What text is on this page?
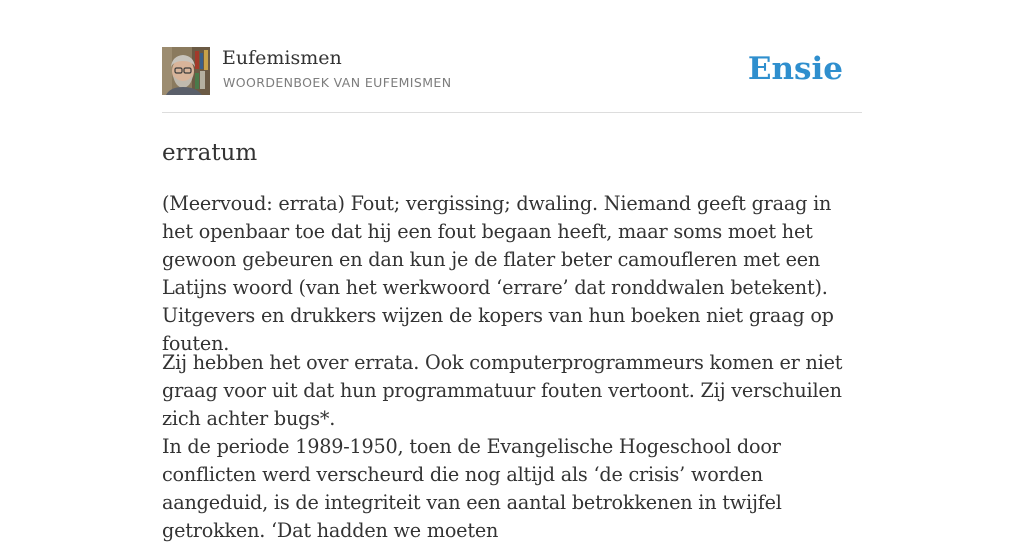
Eufemismen
WOORDENBOEK VAN EUFEMISMEN	Ensie
erratum

(Meervoud: errata) Fout; vergissing; dwaling. Niemand geeft graag in het openbaar toe dat hij een fout begaan heeft, maar soms moet het gewoon gebeuren en dan kun je de flater beter camoufleren met een Latijns woord (van het werkwoord ‘errare’ dat ronddwalen betekent). Uitgevers en drukkers wijzen de kopers van hun boeken niet graag op fouten.

Zij hebben het over errata. Ook computerprogrammeurs komen er niet graag voor uit dat hun programmatuur fouten vertoont. Zij verschuilen zich achter bugs*.

In de periode 1989-1950, toen de Evangelische Hogeschool door conflicten werd verscheurd die nog altijd als ‘de crisis’ worden aangeduid, is de integriteit van een aantal betrokkenen in twijfel getrokken. ‘Dat hadden we moeten
